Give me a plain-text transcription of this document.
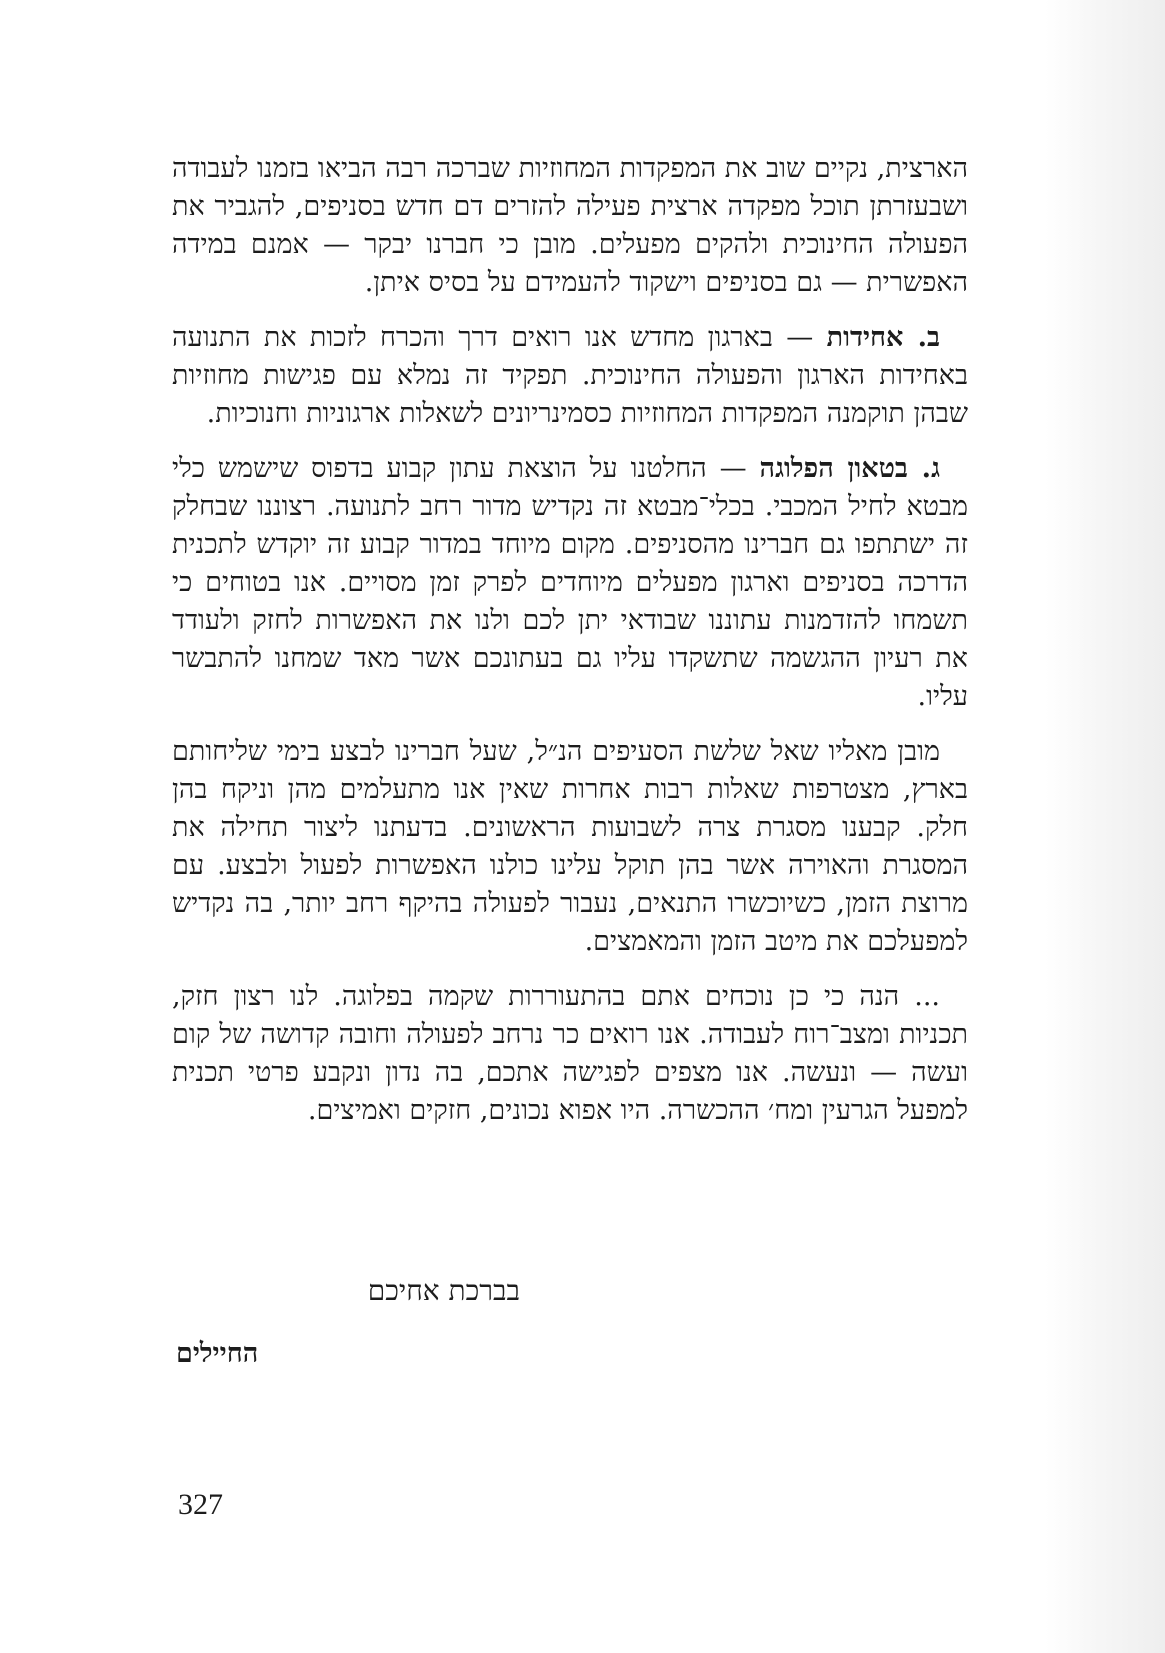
הארצית, נקיים שוב את המפקדות המחוזיות שברכה רבה הביאו בזמנו לעבודה ושבעזרתן תוכל מפקדה ארצית פעילה להזרים דם חדש בסניפים, להגביר את הפעולה החינוכית ולהקים מפעלים. מובן כי חברנו יבקר — אמנם במידה האפשרית — גם בסניפים וישקוד להעמידם על בסיס איתן.

ב. אחידות — בארגון מחדש אנו רואים דרך והכרח לזכות את התנועה באחידות הארגון והפעולה החינוכית. תפקיד זה נמלא עם פגישות מחוזיות שבהן תוקמנה המפקדות המחוזיות כסמינריונים לשאלות ארגוניות וחנוכיות.

ג. בטאון הפלוגה — החלטנו על הוצאת עתון קבוע בדפוס שישמש כלי מבטא לחיל המכבי. בכלי־מבטא זה נקדיש מדור רחב לתנועה. רצוננו שבחלק זה ישתתפו גם חברינו מהסניפים. מקום מיוחד במדור קבוע זה יוקדש לתכנית הדרכה בסניפים וארגון מפעלים מיוחדים לפרק זמן מסויים. אנו בטוחים כי תשמחו להזדמנות עתוננו שבודאי יתן לכם ולנו את האפשרות לחזק ולעודד את רעיון ההגשמה שתשקדו עליו גם בעתונכם אשר מאד שמחנו להתבשר עליו.

מובן מאליו שאל שלשת הסעיפים הנ״ל, שעל חברינו לבצע בימי שליחותם בארץ, מצטרפות שאלות רבות אחרות שאין אנו מתעלמים מהן וניקח בהן חלק. קבענו מסגרת צרה לשבועות הראשונים. בדעתנו ליצור תחילה את המסגרת והאוירה אשר בהן תוקל עלינו כולנו האפשרות לפעול ולבצע. עם מרוצת הזמן, כשיוכשרו התנאים, נעבור לפעולה בהיקף רחב יותר, בה נקדיש למפעלכם את מיטב הזמן והמאמצים.

... הנה כי כן נוכחים אתם בהתעוררות שקמה בפלוגה. לנו רצון חזק, תכניות ומצב־רוח לעבודה. אנו רואים כר נרחב לפעולה וחובה קדושה של קום ועשה — ונעשה. אנו מצפים לפגישה אתכם, בה נדון ונקבע פרטי תכנית למפעל הגרעין ומח׳ ההכשרה. היו אפוא נכונים, חזקים ואמיצים.

בברכת אחיכם
החיילים
327
